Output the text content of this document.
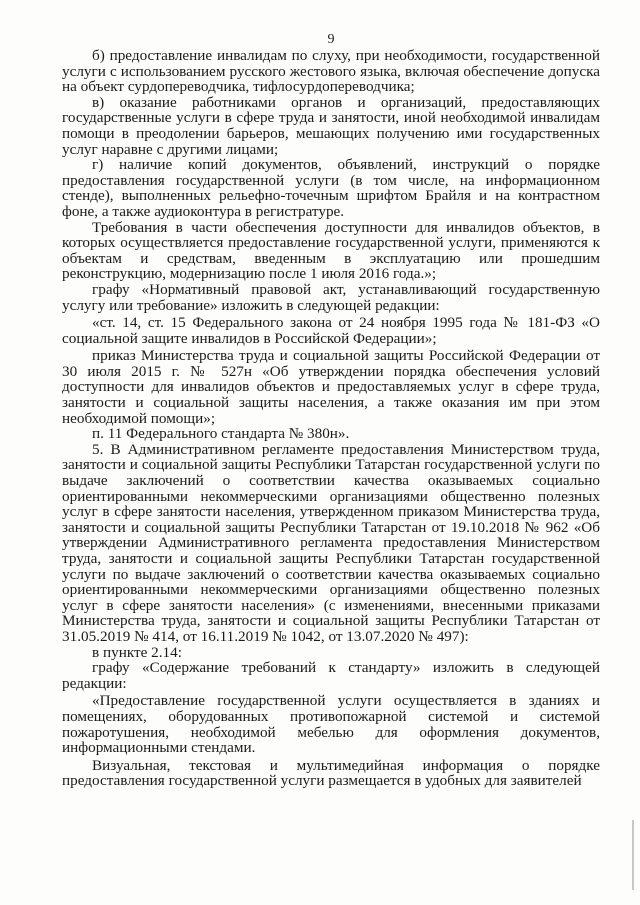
9

б) предоставление инвалидам по слуху, при необходимости, государственной услуги с использованием русского жестового языка, включая обеспечение допуска на объект сурдопереводчика, тифлосурдопереводчика;

в) оказание работниками органов и организаций, предоставляющих государственные услуги в сфере труда и занятости, иной необходимой инвалидам помощи в преодолении барьеров, мешающих получению ими государственных услуг наравне с другими лицами;

г) наличие копий документов, объявлений, инструкций о порядке предоставления государственной услуги (в том числе, на информационном стенде), выполненных рельефно-точечным шрифтом Брайля и на контрастном фоне, а также аудиоконтура в регистратуре.

Требования в части обеспечения доступности для инвалидов объектов, в которых осуществляется предоставление государственной услуги, применяются к объектам и средствам, введенным в эксплуатацию или прошедшим реконструкцию, модернизацию после 1 июля 2016 года.»;

графу «Нормативный правовой акт, устанавливающий государственную услугу или требование» изложить в следующей редакции:

«ст. 14, ст. 15 Федерального закона от 24 ноября 1995 года № 181-ФЗ «О социальной защите инвалидов в Российской Федерации»;

приказ Министерства труда и социальной защиты Российской Федерации от 30 июля 2015 г. № 527н «Об утверждении порядка обеспечения условий доступности для инвалидов объектов и предоставляемых услуг в сфере труда, занятости и социальной защиты населения, а также оказания им при этом необходимой помощи»;

п. 11 Федерального стандарта № 380н».

5. В Административном регламенте предоставления Министерством труда, занятости и социальной защиты Республики Татарстан государственной услуги по выдаче заключений о соответствии качества оказываемых социально ориентированными некоммерческими организациями общественно полезных услуг в сфере занятости населения, утвержденном приказом Министерства труда, занятости и социальной защиты Республики Татарстан от 19.10.2018 № 962 «Об утверждении Административного регламента предоставления Министерством труда, занятости и социальной защиты Республики Татарстан государственной услуги по выдаче заключений о соответствии качества оказываемых социально ориентированными некоммерческими организациями общественно полезных услуг в сфере занятости населения» (с изменениями, внесенными приказами Министерства труда, занятости и социальной защиты Республики Татарстан от 31.05.2019 № 414, от 16.11.2019 № 1042, от 13.07.2020 № 497):

в пункте 2.14:

графу «Содержание требований к стандарту» изложить в следующей редакции:

«Предоставление государственной услуги осуществляется в зданиях и помещениях, оборудованных противопожарной системой и системой пожаротушения, необходимой мебелью для оформления документов, информационными стендами.

Визуальная, текстовая и мультимедийная информация о порядке предоставления государственной услуги размещается в удобных для заявителей
